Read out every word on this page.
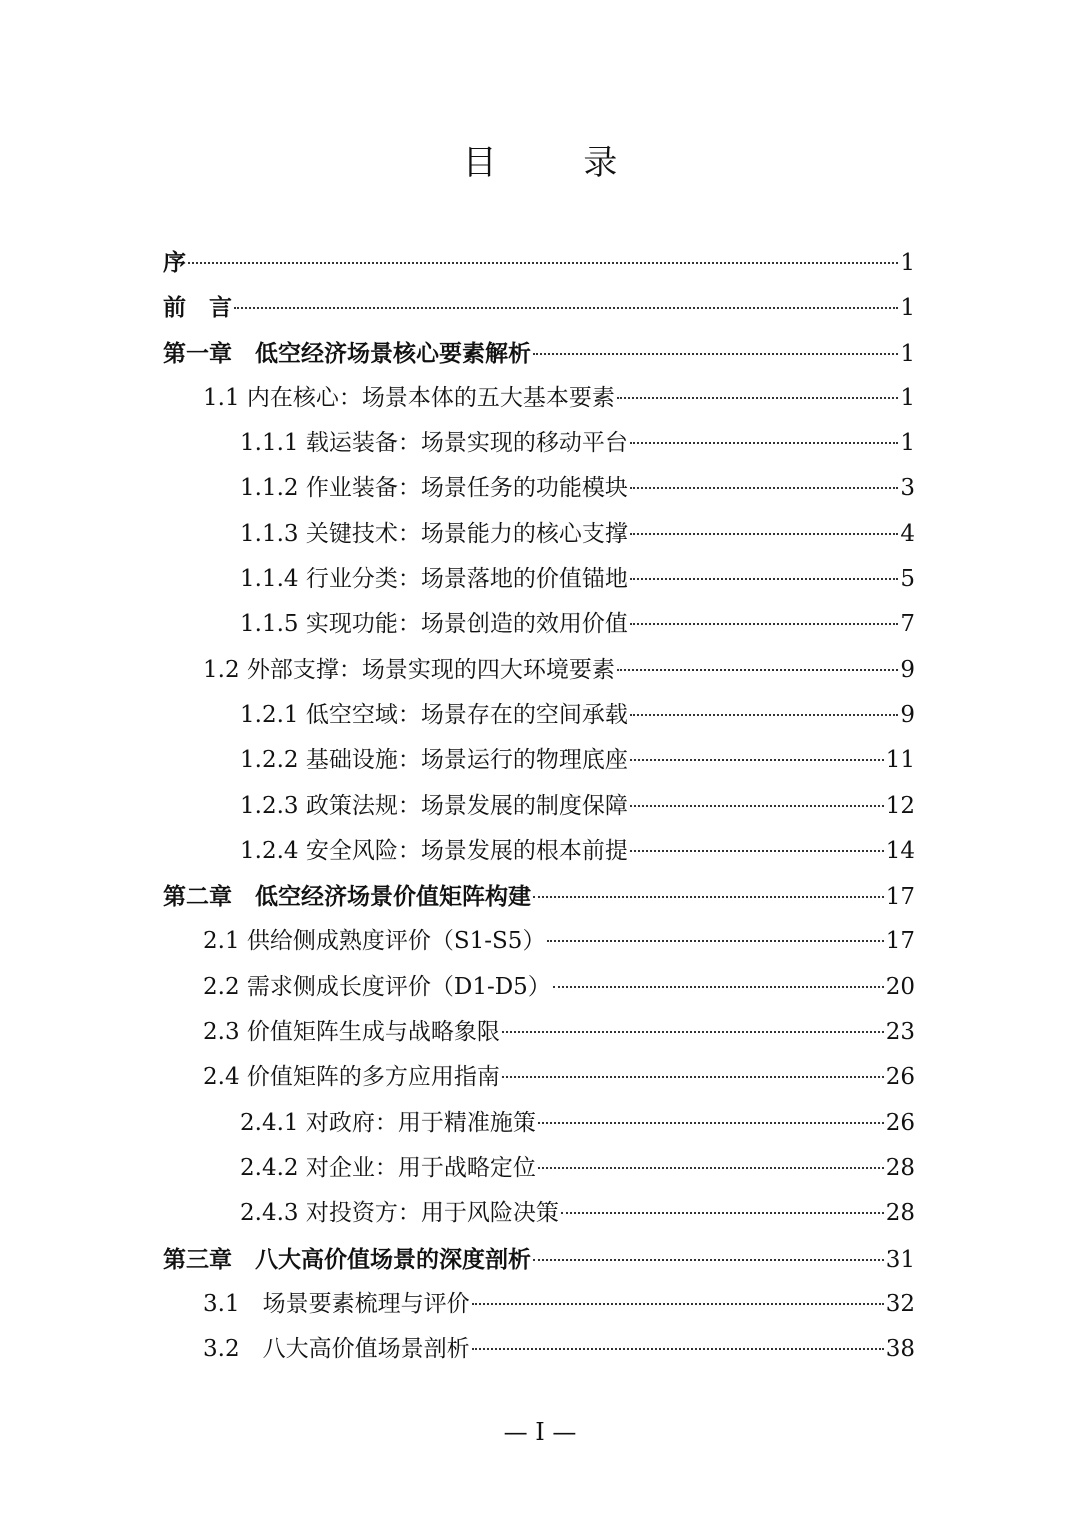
目 录
序	1
前　言	1
第一章　低空经济场景核心要素解析	1
1.1 内在核心：场景本体的五大基本要素	1
1.1.1 载运装备：场景实现的移动平台	1
1.1.2 作业装备：场景任务的功能模块	3
1.1.3 关键技术：场景能力的核心支撑	4
1.1.4 行业分类：场景落地的价值锚地	5
1.1.5 实现功能：场景创造的效用价值	7
1.2 外部支撑：场景实现的四大环境要素	9
1.2.1 低空空域：场景存在的空间承载	9
1.2.2 基础设施：场景运行的物理底座	11
1.2.3 政策法规：场景发展的制度保障	12
1.2.4 安全风险：场景发展的根本前提	14
第二章　低空经济场景价值矩阵构建	17
2.1 供给侧成熟度评价（S1-S5）	17
2.2 需求侧成长度评价（D1-D5）	20
2.3 价值矩阵生成与战略象限	23
2.4 价值矩阵的多方应用指南	26
2.4.1 对政府：用于精准施策	26
2.4.2 对企业：用于战略定位	28
2.4.3 对投资方：用于风险决策	28
第三章　八大高价值场景的深度剖析	31
3.1　场景要素梳理与评价	32
3.2　八大高价值场景剖析	38
— I —
